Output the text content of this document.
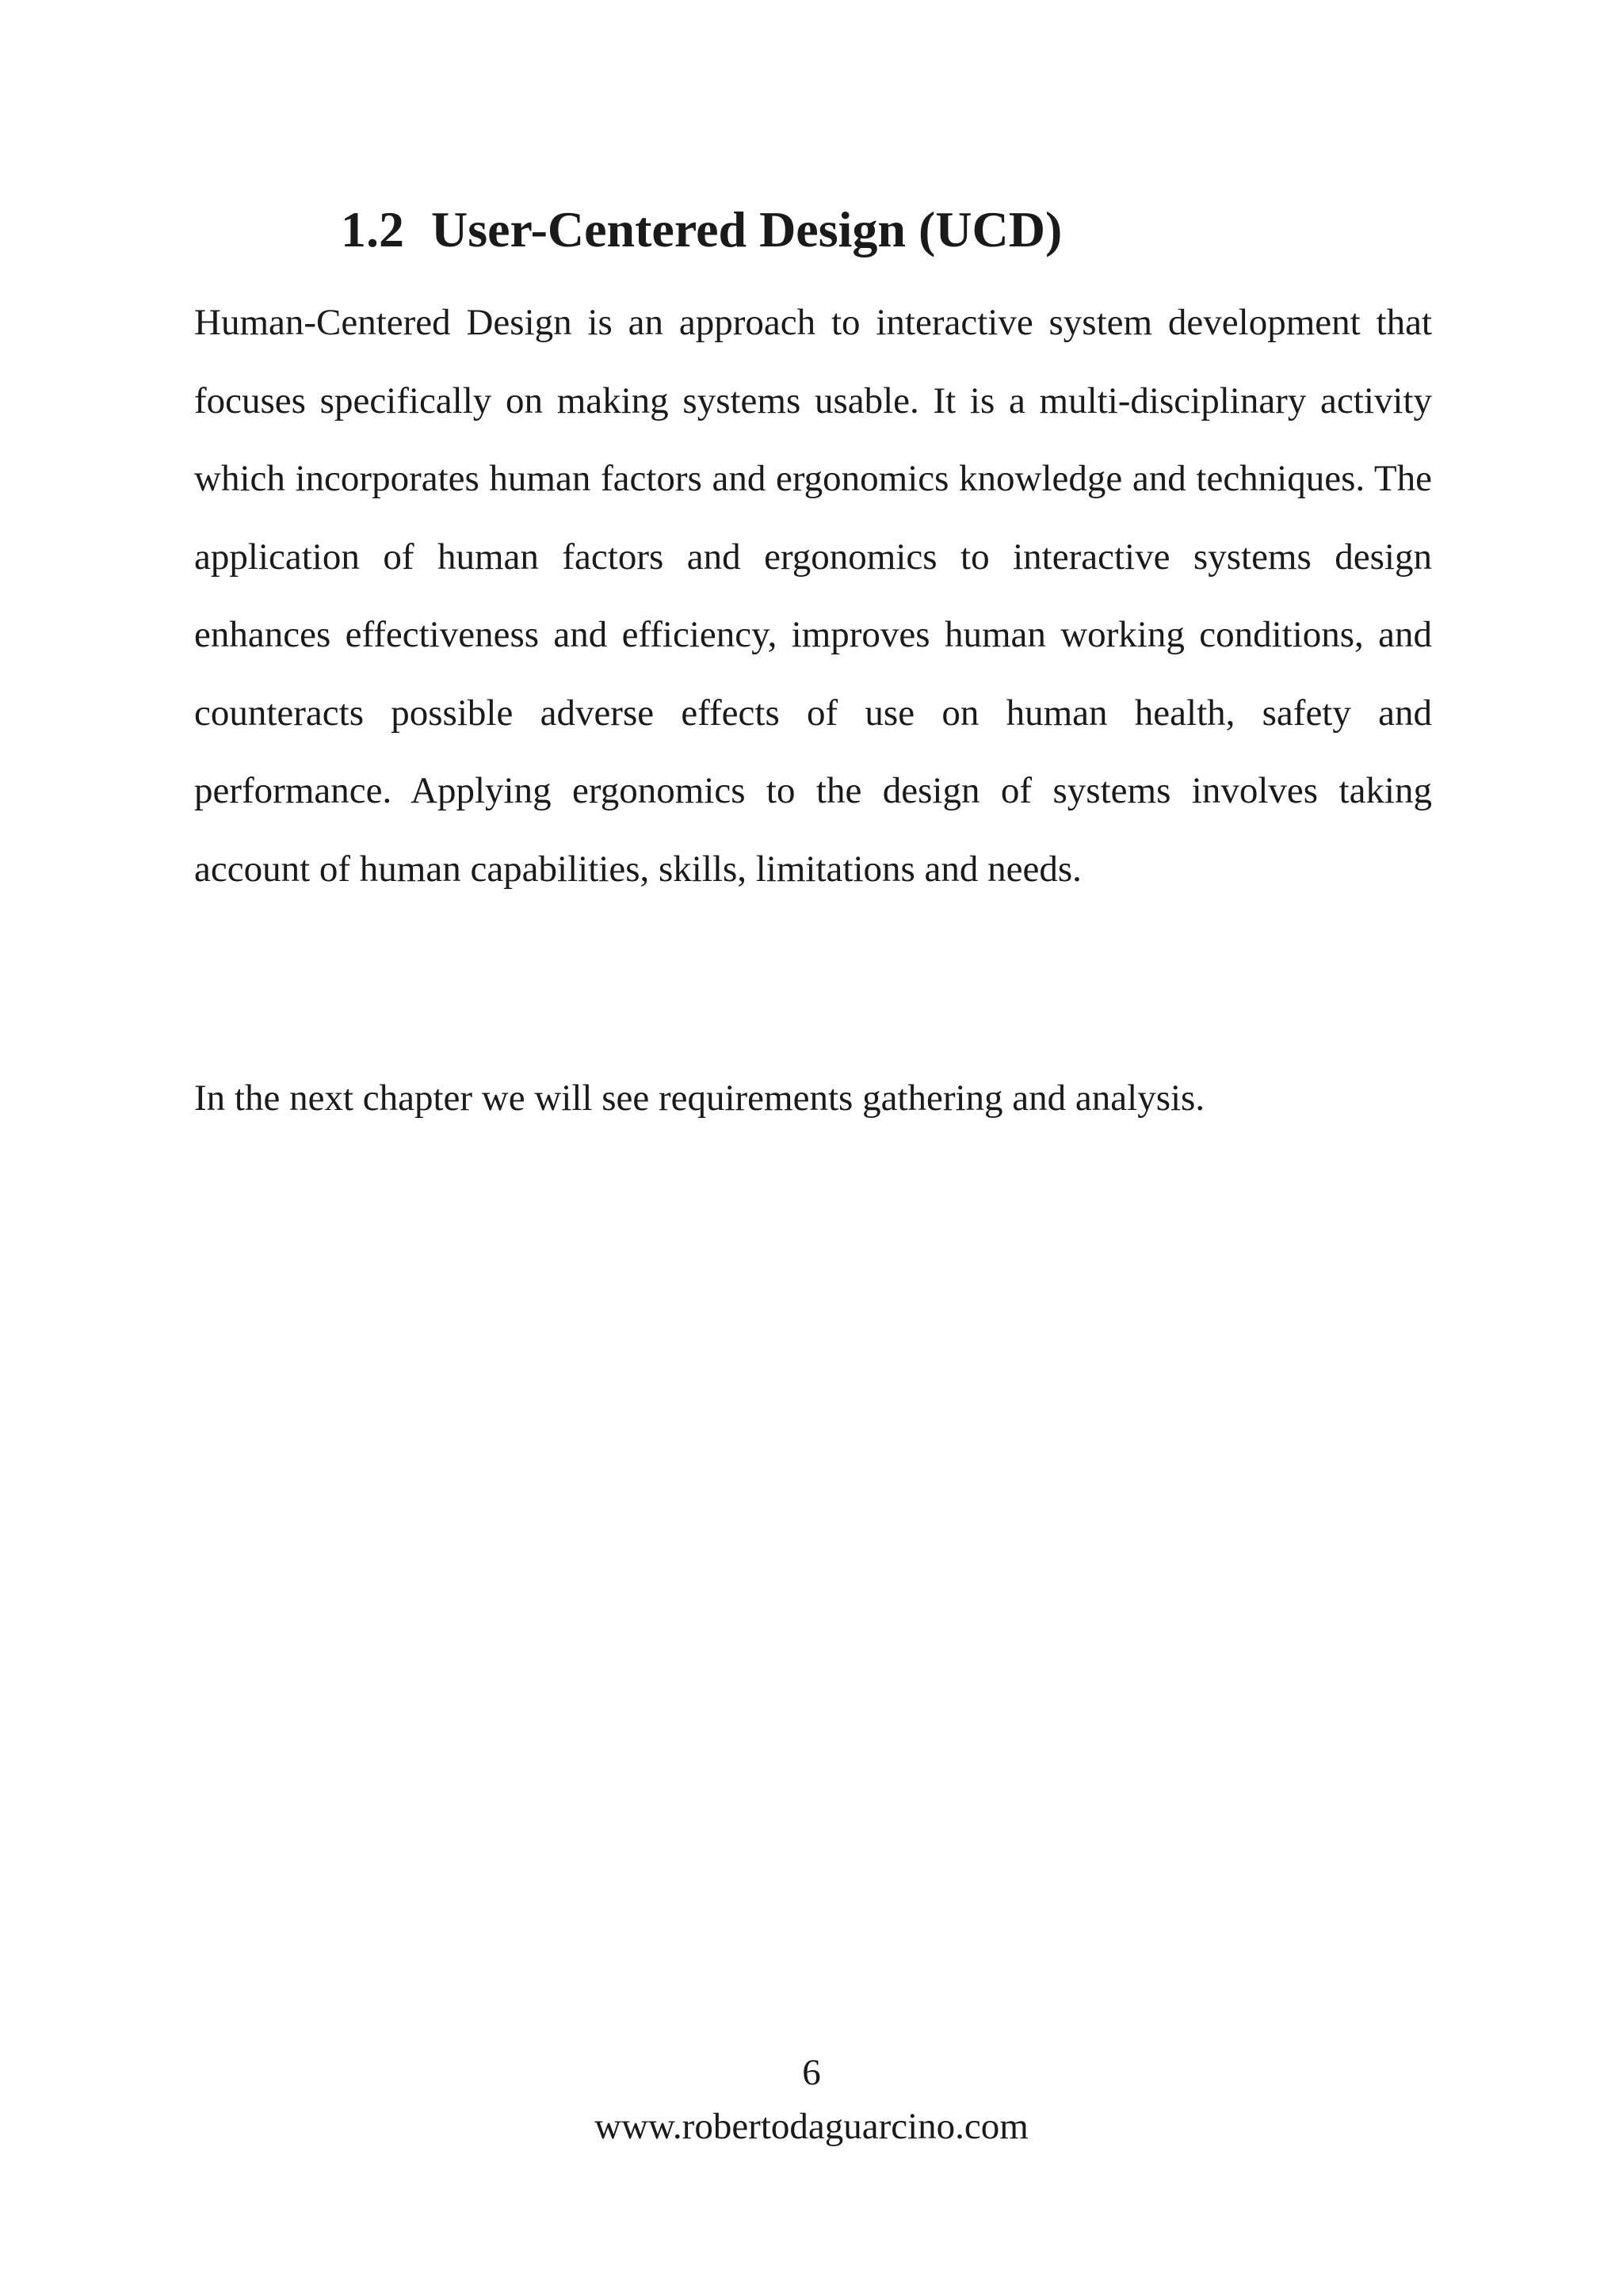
1.2 User-Centered Design (UCD)

Human-Centered Design is an approach to interactive system development that focuses specifically on making systems usable. It is a multi-disciplinary activity which incorporates human factors and ergonomics knowledge and techniques. The application of human factors and ergonomics to interactive systems design enhances effectiveness and efficiency, improves human working conditions, and counteracts possible adverse effects of use on human health, safety and performance. Applying ergonomics to the design of systems involves taking account of human capabilities, skills, limitations and needs.

In the next chapter we will see requirements gathering and analysis.

6

www.robertodaguarcino.com
